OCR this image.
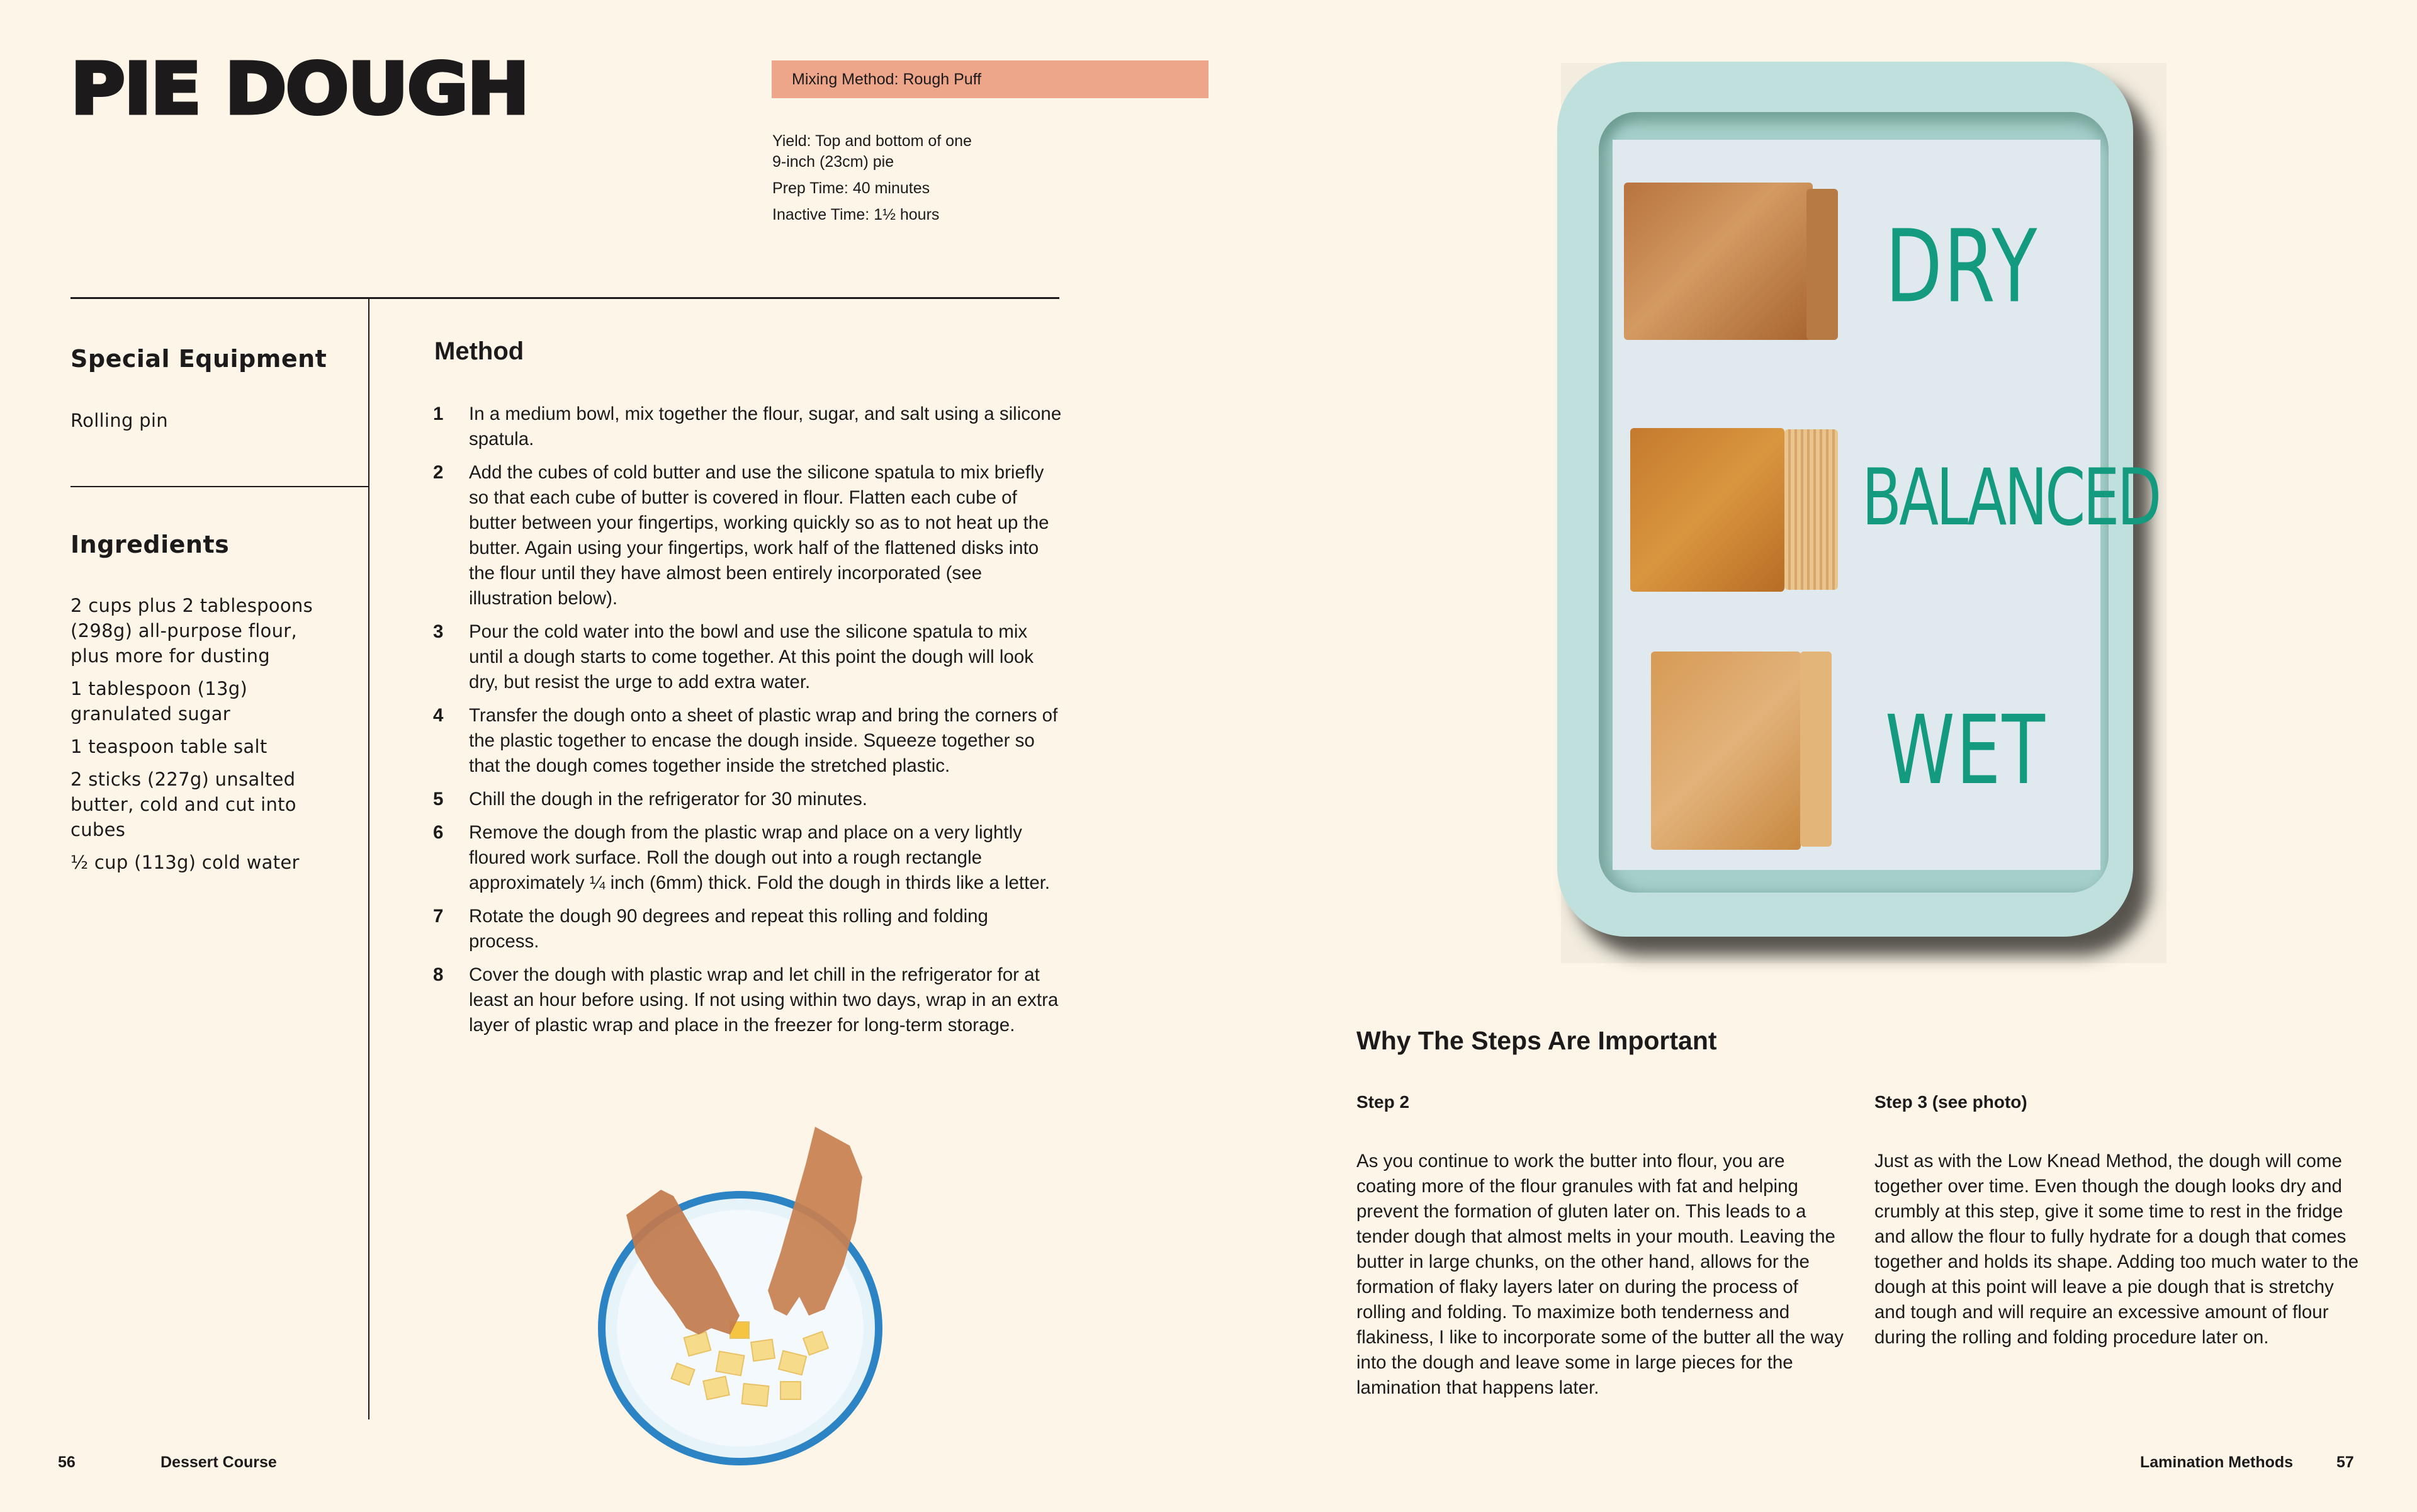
PIE DOUGH	Mixing Method: Rough Puff
Yield: Top and bottom of one
9-inch (23cm) pie
Prep Time: 40 minutes
Inactive Time: 1½ hours
Special Equipment
Rolling pin
Ingredients
2 cups plus 2 tablespoons (298g) all-purpose flour, plus more for dusting
1 tablespoon (13g) granulated sugar
1 teaspoon table salt
2 sticks (227g) unsalted butter, cold and cut into cubes
½ cup (113g) cold water
Method
1	In a medium bowl, mix together the flour, sugar, and salt using a silicone spatula.
2	Add the cubes of cold butter and use the silicone spatula to mix briefly so that each cube of butter is covered in flour. Flatten each cube of butter between your fingertips, working quickly so as to not heat up the butter. Again using your fingertips, work half of the flattened disks into the flour until they have almost been entirely incorporated (see illustration below).
3	Pour the cold water into the bowl and use the silicone spatula to mix until a dough starts to come together. At this point the dough will look dry, but resist the urge to add extra water.
4	Transfer the dough onto a sheet of plastic wrap and bring the corners of the plastic together to encase the dough inside. Squeeze together so that the dough comes together inside the stretched plastic.
5	Chill the dough in the refrigerator for 30 minutes.
6	Remove the dough from the plastic wrap and place on a very lightly floured work surface. Roll the dough out into a rough rectangle approximately ¼ inch (6mm) thick. Fold the dough in thirds like a letter.
7	Rotate the dough 90 degrees and repeat this rolling and folding process.
8	Cover the dough with plastic wrap and let chill in the refrigerator for at least an hour before using. If not using within two days, wrap in an extra layer of plastic wrap and place in the freezer for long-term storage.
56	Dessert Course
DRY
BALANCED
WET
Why The Steps Are Important
Step 2
As you continue to work the butter into flour, you are coating more of the flour granules with fat and helping prevent the formation of gluten later on. This leads to a tender dough that almost melts in your mouth. Leaving the butter in large chunks, on the other hand, allows for the formation of flaky layers later on during the process of rolling and folding. To maximize both tenderness and flakiness, I like to incorporate some of the butter all the way into the dough and leave some in large pieces for the lamination that happens later.
Step 3 (see photo)
Just as with the Low Knead Method, the dough will come together over time. Even though the dough looks dry and crumbly at this step, give it some time to rest in the fridge and allow the flour to fully hydrate for a dough that comes together and holds its shape. Adding too much water to the dough at this point will leave a pie dough that is stretchy and tough and will require an excessive amount of flour during the rolling and folding procedure later on.
Lamination Methods	57
